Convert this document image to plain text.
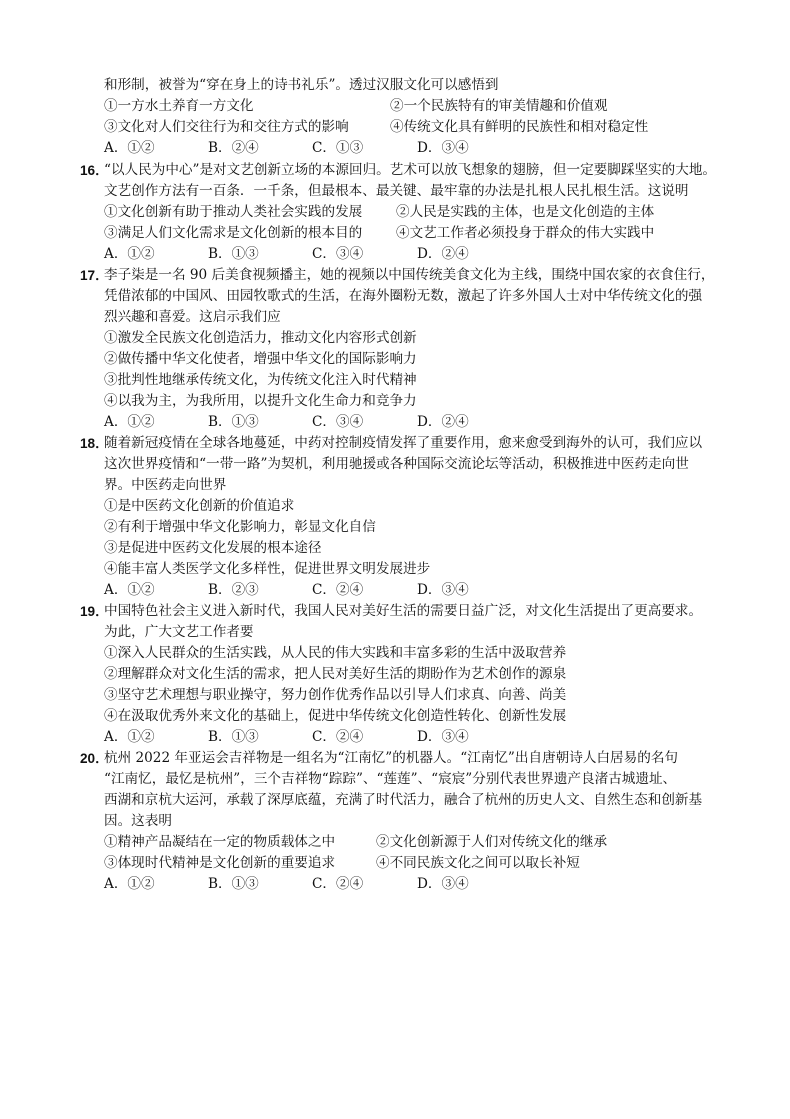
和形制，被誉为“穿在身上的诗书礼乐”。透过汉服文化可以感悟到
①一方水土养育一方文化	②一个民族特有的审美情趣和价值观
③文化对人们交往行为和交往方式的影响	④传统文化具有鲜明的民族性和相对稳定性
A．①②	B．②④	C．①③	D．③④
16．
“以人民为中心”是对文艺创新立场的本源回归。艺术可以放飞想象的翅膀，但一定要脚踩坚实的大地。
文艺创作方法有一百条．一千条，但最根本、最关键、最牢靠的办法是扎根人民扎根生活。这说明
①文化创新有助于推动人类社会实践的发展 ②人民是实践的主体，也是文化创造的主体
③满足人们文化需求是文化创新的根本目的 ④文艺工作者必须投身于群众的伟大实践中
A．①②	B．①③	C．③④	D．②④
17．
李子柒是一名 90 后美食视频播主，她的视频以中国传统美食文化为主线，围绕中国农家的衣食住行，
凭借浓郁的中国风、田园牧歌式的生活，在海外圈粉无数，激起了许多外国人士对中华传统文化的强
烈兴趣和喜爱。这启示我们应
①激发全民族文化创造活力，推动文化内容形式创新
②做传播中华文化使者，增强中华文化的国际影响力
③批判性地继承传统文化，为传统文化注入时代精神
④以我为主，为我所用，以提升文化生命力和竞争力
A．①②	B．①③	C．③④	D．②④
18．
随着新冠疫情在全球各地蔓延，中药对控制疫情发挥了重要作用，愈来愈受到海外的认可，我们应以
这次世界疫情和“一带一路”为契机，利用驰援或各种国际交流论坛等活动，积极推进中医药走向世
界。中医药走向世界
①是中医药文化创新的价值追求
②有利于增强中华文化影响力，彰显文化自信
③是促进中医药文化发展的根本途径
④能丰富人类医学文化多样性，促进世界文明发展进步
A．①②	B．②③	C．②④	D．③④
19．
中国特色社会主义进入新时代，我国人民对美好生活的需要日益广泛，对文化生活提出了更高要求。
为此，广大文艺工作者要
①深入人民群众的生活实践，从人民的伟大实践和丰富多彩的生活中汲取营养
②理解群众对文化生活的需求，把人民对美好生活的期盼作为艺术创作的源泉
③坚守艺术理想与职业操守，努力创作优秀作品以引导人们求真、向善、尚美
④在汲取优秀外来文化的基础上，促进中华传统文化创造性转化、创新性发展
A．①②	B．①③	C．②④	D．③④
20．
杭州 2022 年亚运会吉祥物是一组名为“江南忆”的机器人。“江南忆”出自唐朝诗人白居易的名句
“江南忆，最忆是杭州”，三个吉祥物“踪踪”、“莲莲”、“宸宸”分别代表世界遗产良渚古城遗址、
西湖和京杭大运河，承载了深厚底蕴，充满了时代活力，融合了杭州的历史人文、自然生态和创新基
因。这表明
①精神产品凝结在一定的物质载体之中	②文化创新源于人们对传统文化的继承
③体现时代精神是文化创新的重要追求	④不同民族文化之间可以取长补短
A．①②	B．①③	C．②④	D．③④
